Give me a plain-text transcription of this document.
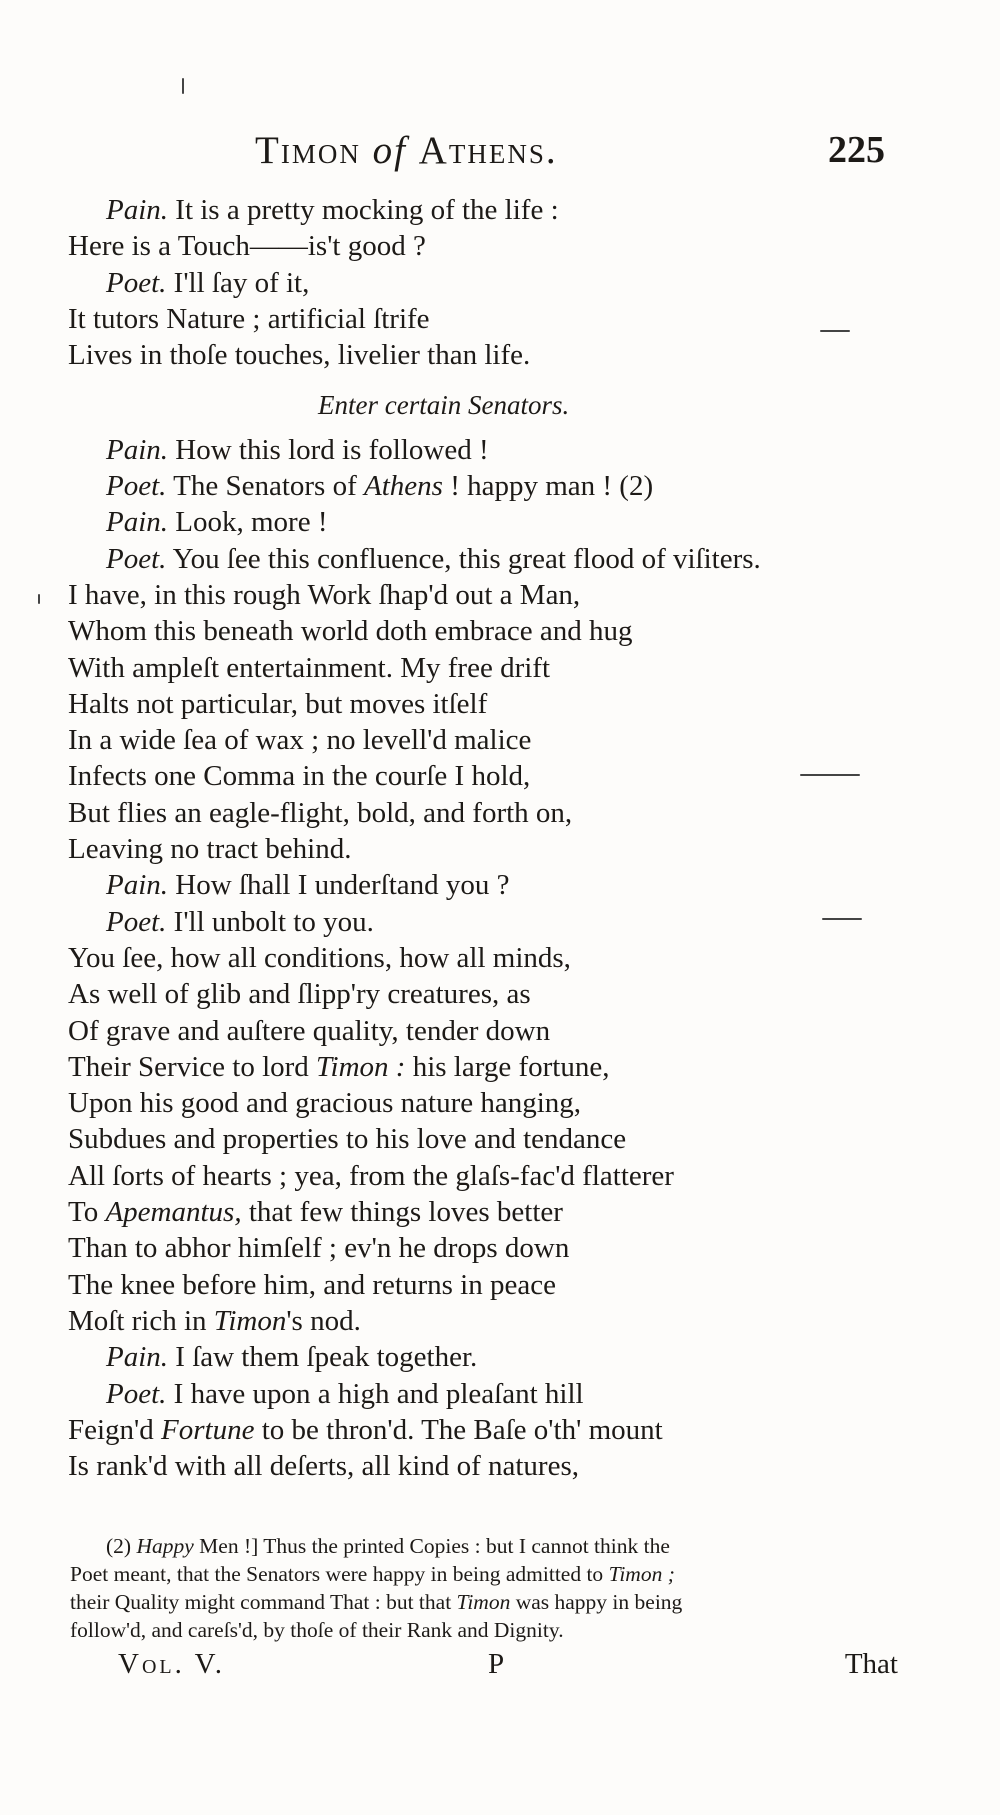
Timon of Athens.	225
Pain. It is a pretty mocking of the life :
Here is a Touch——is't good ?
Poet. I'll ſay of it,
It tutors Nature ; artificial ſtrife
Lives in thoſe touches, livelier than life.
Enter certain Senators.
Pain. How this lord is followed !
Poet. The Senators of Athens ! happy man ! (2)
Pain. Look, more !
Poet. You ſee this confluence, this great flood of viſiters.
I have, in this rough Work ſhap'd out a Man,
Whom this beneath world doth embrace and hug
With ampleſt entertainment. My free drift
Halts not particular, but moves itſelf
In a wide ſea of wax ; no levell'd malice
Infects one Comma in the courſe I hold,
But flies an eagle-flight, bold, and forth on,
Leaving no tract behind.
Pain. How ſhall I underſtand you ?
Poet. I'll unbolt to you.
You ſee, how all conditions, how all minds,
As well of glib and ſlipp'ry creatures, as
Of grave and auſtere quality, tender down
Their Service to lord Timon : his large fortune,
Upon his good and gracious nature hanging,
Subdues and properties to his love and tendance
All ſorts of hearts ; yea, from the glaſs-fac'd flatterer
To Apemantus, that few things loves better
Than to abhor himſelf ; ev'n he drops down
The knee before him, and returns in peace
Moſt rich in Timon's nod.
Pain. I ſaw them ſpeak together.
Poet. I have upon a high and pleaſant hill
Feign'd Fortune to be thron'd. The Baſe o'th' mount
Is rank'd with all deſerts, all kind of natures,
(2) Happy Men !] Thus the printed Copies : but I cannot think the
Poet meant, that the Senators were happy in being admitted to Timon ;
their Quality might command That : but that Timon was happy in being
follow'd, and careſs'd, by thoſe of their Rank and Dignity.
Vol. V.	P	That
